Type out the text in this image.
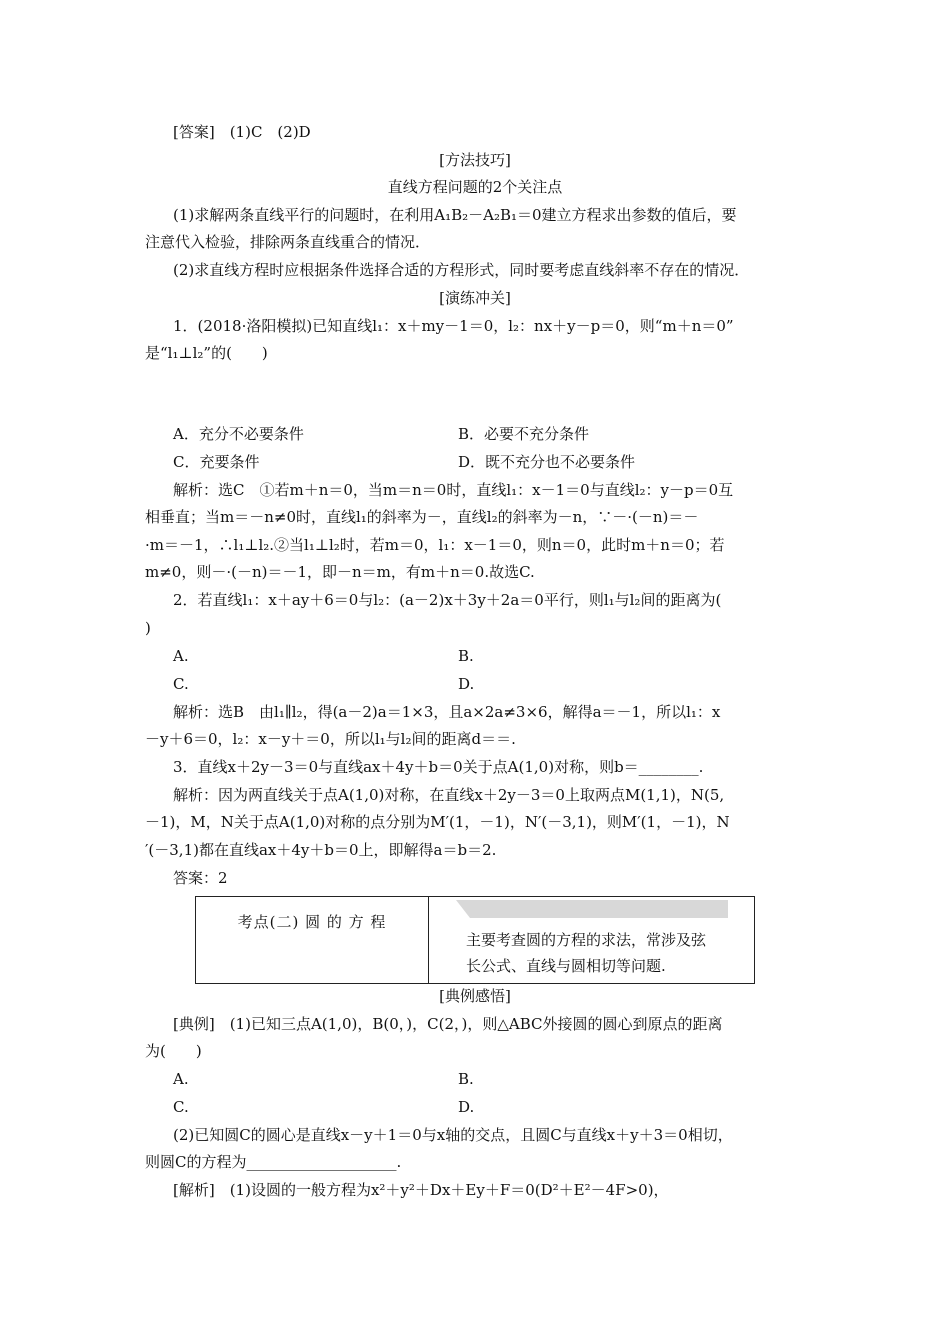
[答案]　(1)C　(2)D
[方法技巧]
直线方程问题的2个关注点
(1)求解两条直线平行的问题时，在利用A₁B₂－A₂B₁＝0建立方程求出参数的值后，要
注意代入检验，排除两条直线重合的情况．
(2)求直线方程时应根据条件选择合适的方程形式，同时要考虑直线斜率不存在的情况．
[演练冲关]
1．(2018·洛阳模拟)已知直线l₁：x＋my－1＝0，l₂：nx＋y－p＝0，则“m＋n＝0”
是“l₁⊥l₂”的(　　)
A．充分不必要条件	B．必要不充分条件
C．充要条件	D．既不充分也不必要条件
解析：选C　①若m＋n＝0，当m＝n＝0时，直线l₁：x－1＝0与直线l₂：y－p＝0互
相垂直；当m＝－n≠0时，直线l₁的斜率为－，直线l₂的斜率为－n，∵－·(－n)＝－
·m＝－1，∴l₁⊥l₂.②当l₁⊥l₂时，若m＝0，l₁：x－1＝0，则n＝0，此时m＋n＝0；若
m≠0，则－·(－n)＝－1，即－n＝m，有m＋n＝0.故选C.
2．若直线l₁：x＋ay＋6＝0与l₂：(a－2)x＋3y＋2a＝0平行，则l₁与l₂间的距离为(
)
A.	B.
C.	D.
解析：选B　由l₁∥l₂，得(a－2)a＝1×3，且a×2a≠3×6，解得a＝－1，所以l₁：x
－y＋6＝0，l₂：x－y＋＝0，所以l₁与l₂间的距离d＝＝.
3．直线x＋2y－3＝0与直线ax＋4y＋b＝0关于点A(1,0)对称，则b＝________.
解析：因为两直线关于点A(1,0)对称，在直线x＋2y－3＝0上取两点M(1,1)，N(5,
－1)，M，N关于点A(1,0)对称的点分别为M′(1，－1)，N′(－3,1)，则M′(1，－1)，N
′(－3,1)都在直线ax＋4y＋b＝0上，即解得a＝b＝2.
答案：2
考点(二) 圆 的 方 程
主要考查圆的方程的求法，常涉及弦
长公式、直线与圆相切等问题.
[典例感悟]
[典例]　(1)已知三点A(1,0)，B(0，)，C(2，)，则△ABC外接圆的圆心到原点的距离
为(　　)
A.	B.
C.	D.
(2)已知圆C的圆心是直线x－y＋1＝0与x轴的交点，且圆C与直线x＋y＋3＝0相切，
则圆C的方程为____________________.
[解析]　(1)设圆的一般方程为x²＋y²＋Dx＋Ey＋F＝0(D²＋E²－4F>0)，
